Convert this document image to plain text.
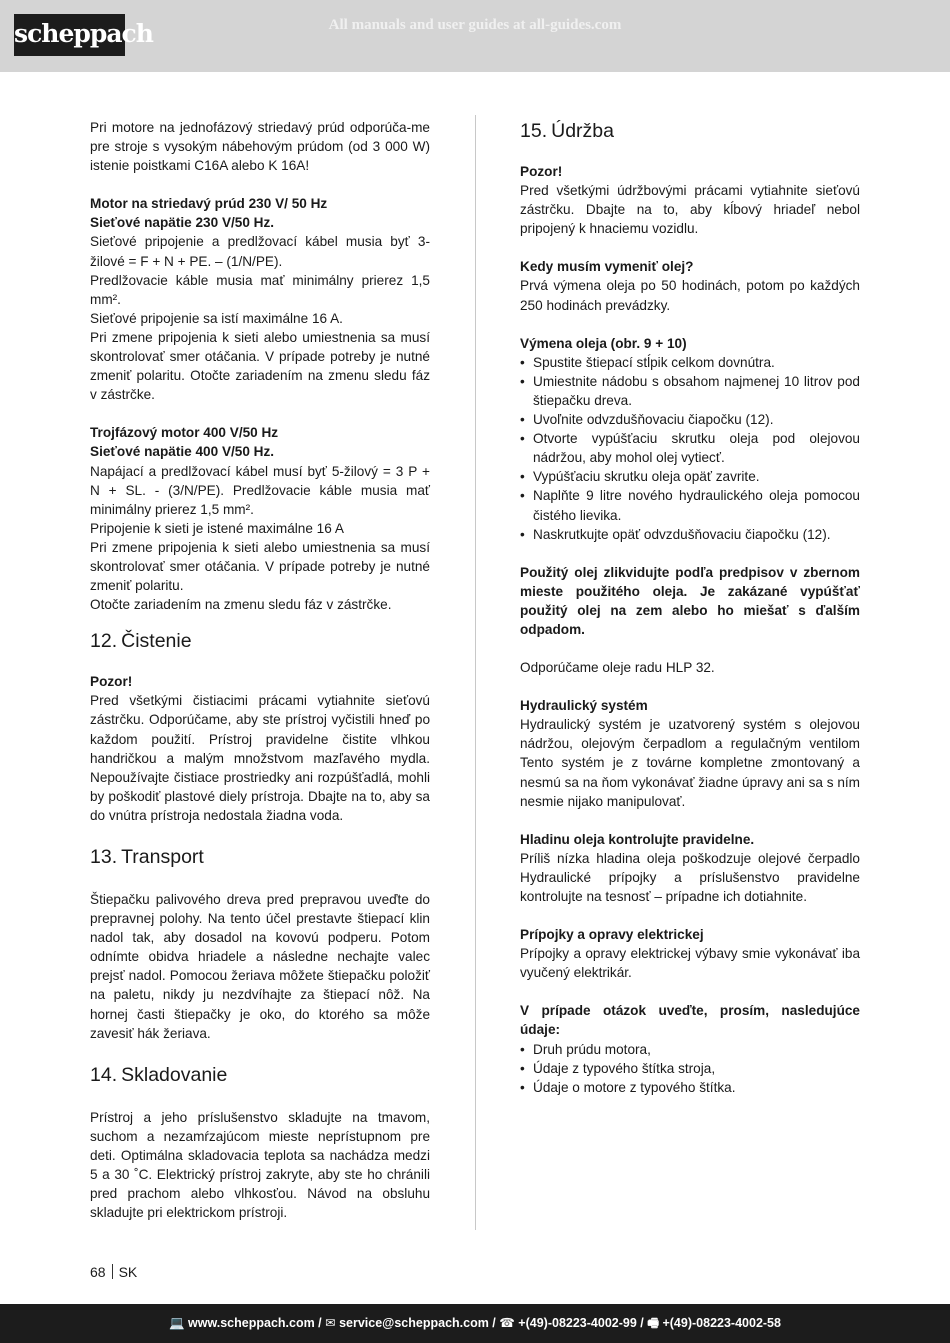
scheppach	All manuals and user guides at all-guides.com

Pri motore na jednofázový striedavý prúd odporúča-me pre stroje s vysokým nábehovým prúdom (od 3 000 W) istenie poistkami C16A alebo K 16A!

Motor na striedavý prúd 230 V/ 50 Hz
Sieťové napätie 230 V/50 Hz.
Sieťové pripojenie a predlžovací kábel musia byť 3-žilové = F + N + PE. – (1/N/PE).
Predlžovacie káble musia mať minimálny prierez 1,5 mm².
Sieťové pripojenie sa istí maximálne 16 A.
Pri zmene pripojenia k sieti alebo umiestnenia sa musí skontrolovať smer otáčania. V prípade potreby je nutné zmeniť polaritu. Otočte zariadením na zmenu sledu fáz v zástrčke.
Trojfázový motor 400 V/50 Hz
Sieťové napätie 400 V/50 Hz.
Napájací a predlžovací kábel musí byť 5-žilový = 3 P + N + SL. - (3/N/PE). Predlžovacie káble musia mať minimálny prierez 1,5 mm².
Pripojenie k sieti je istené maximálne 16 A
Pri zmene pripojenia k sieti alebo umiestnenia sa musí skontrolovať smer otáčania. V prípade potreby je nutné zmeniť polaritu.
Otočte zariadením na zmenu sledu fáz v zástrčke.
12. Čistenie
Pozor!

Pred všetkými čistiacimi prácami vytiahnite sieťovú zástrčku. Odporúčame, aby ste prístroj vyčistili hneď po každom použití. Prístroj pravidelne čistite vlhkou handričkou a malým množstvom mazľavého mydla. Nepoužívajte čistiace prostriedky ani rozpúšťadlá, mohli by poškodiť plastové diely prístroja. Dbajte na to, aby sa do vnútra prístroja nedostala žiadna voda.

13. Transport

Štiepačku palivového dreva pred prepravou uveďte do prepravnej polohy. Na tento účel prestavte štiepací klin nadol tak, aby dosadol na kovovú podperu. Potom odnímte obidva hriadele a následne nechajte valec prejsť nadol. Pomocou žeriava môžete štiepačku položiť na paletu, nikdy ju nezdvíhajte za štiepací nôž. Na hornej časti štiepačky je oko, do ktorého sa môže zavesiť hák žeriava.

14. Skladovanie

Prístroj a jeho príslušenstvo skladujte na tmavom, suchom a nezamŕzajúcom mieste neprístupnom pre deti. Optimálna skladovacia teplota sa nachádza medzi 5 a 30 ˚C. Elektrický prístroj zakryte, aby ste ho chránili pred prachom alebo vlhkosťou. Návod na obsluhu skladujte pri elektrickom prístroji.

15. Údržba
Pozor!

Pred všetkými údržbovými prácami vytiahnite sieťovú zástrčku. Dbajte na to, aby kĺbový hriadeľ nebol pripojený k hnaciemu vozidlu.

Kedy musím vymeniť olej?

Prvá výmena oleja po 50 hodinách, potom po každých 250 hodinách prevádzky.

Výmena oleja (obr. 9 + 10)
• Spustite štiepací stĺpik celkom dovnútra.
• Umiestnite nádobu s obsahom najmenej 10 litrov pod štiepačku dreva.
• Uvoľnite odvzdušňovaciu čiapočku (12).
• Otvorte vypúšťaciu skrutku oleja pod olejovou nádržou, aby mohol olej vytiecť.
• Vypúšťaciu skrutku oleja opäť zavrite.
• Naplňte 9 litre nového hydraulického oleja pomocou čistého lievika.
• Naskrutkujte opäť odvzdušňovaciu čiapočku (12).

Použitý olej zlikvidujte podľa predpisov v zbernom mieste použitého oleja. Je zakázané vypúšťať použitý olej na zem alebo ho miešať s ďalším odpadom.

Odporúčame oleje radu HLP 32.

Hydraulický systém

Hydraulický systém je uzatvorený systém s olejovou nádržou, olejovým čerpadlom a regulačným ventilom Tento systém je z továrne kompletne zmontovaný a nesmú sa na ňom vykonávať žiadne úpravy ani sa s ním nesmie nijako manipulovať.

Hladinu oleja kontrolujte pravidelne.

Príliš nízka hladina oleja poškodzuje olejové čerpadlo Hydraulické prípojky a príslušenstvo pravidelne kontrolujte na tesnosť – prípadne ich dotiahnite.

Prípojky a opravy elektrickej

Prípojky a opravy elektrickej výbavy smie vykonávať iba vyučený elektrikár.

V prípade otázok uveďte, prosím, nasledujúce údaje:
• Druh prúdu motora,
• Údaje z typového štítka stroja,
• Údaje o motore z typového štítka.
68 SK
💻 www.scheppach.com / ✉ service@scheppach.com / ☎ +(49)-08223-4002-99 / 🖷 +(49)-08223-4002-58
